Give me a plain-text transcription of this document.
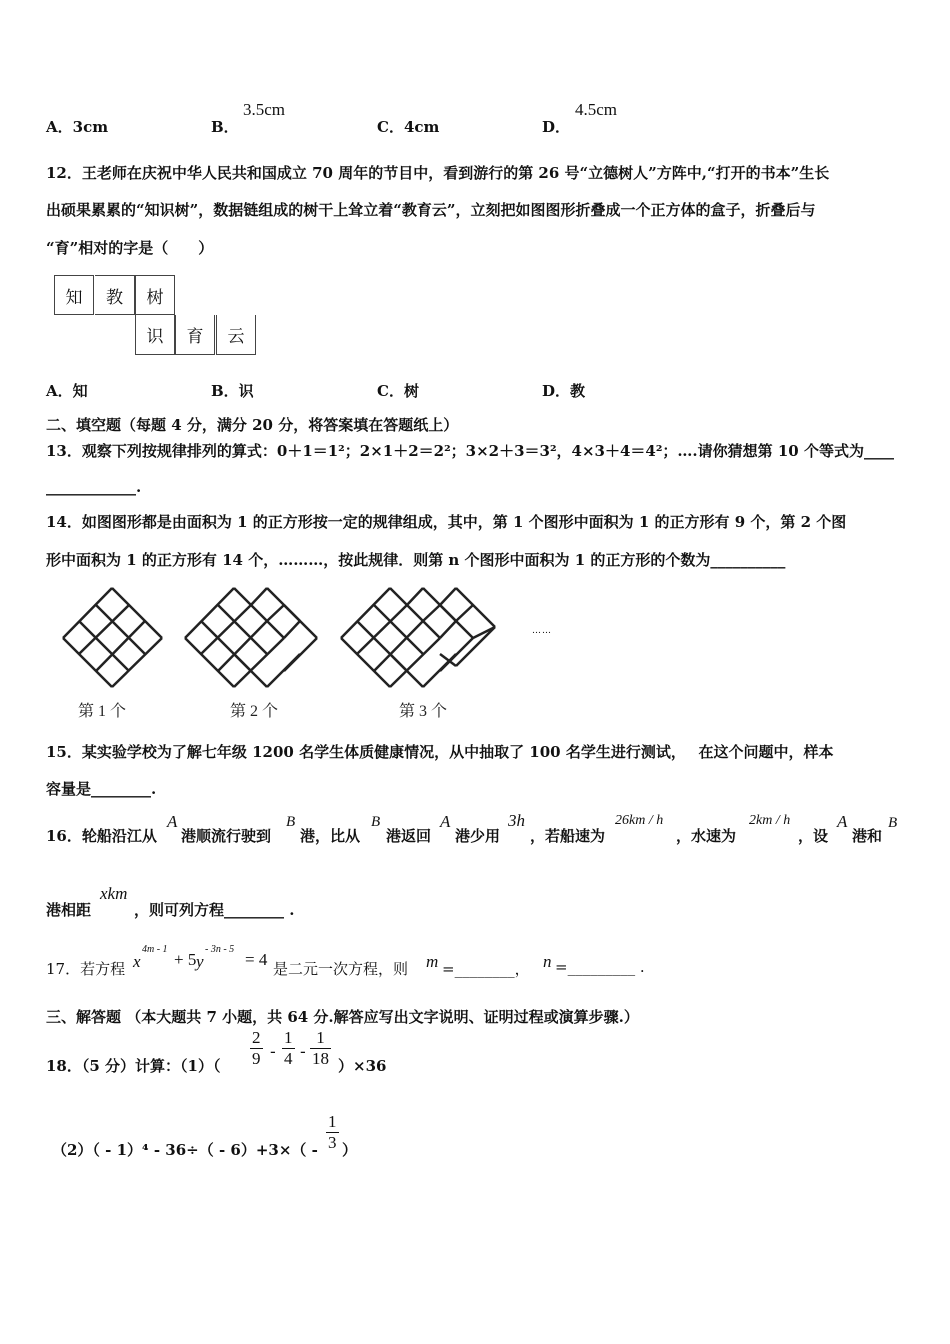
A．3cm	B．
3.5cm
C．4cm	D．
4.5cm
12．王老师在庆祝中华人民共和国成立 70 周年的节目中，看到游行的第 26 号“立德树人”方阵中,“打开的书本”生长
出硕果累累的“知识树”，数据链组成的树干上耸立着“教育云”，立刻把如图图形折叠成一个正方体的盒子，折叠后与
“育”相对的字是（　　）
知	教	树
识	育	云
A．知	B．识	C．树	D．教
二、填空题（每题 4 分，满分 20 分，将答案填在答题纸上）
13．观察下列按规律排列的算式：0＋1＝1²；2×1＋2＝2²；3×2＋3＝3²，4×3＋4＝4²；….请你猜想第 10 个等式为____
____________.
14．如图图形都是由面积为 1 的正方形按一定的规律组成，其中，第 1 个图形中面积为 1 的正方形有 9 个，第 2 个图
形中面积为 1 的正方形有 14 个，………，按此规律．则第 n 个图形中面积为 1 的正方形的个数为__________
……
第 1 个	第 2 个	第 3 个
15．某实验学校为了解七年级 1200 名学生体质健康情况，从中抽取了 100 名学生进行测试，　 在这个问题中，样本
容量是________.
16．轮船沿江从
A
港顺流行驶到
B
港，比从
B
港返回
A
港少用
3h
，若船速为
26km / h
，水速为
2km / h
，设
A
港和
B
港相距
xkm
，则可列方程________ .
17．若方程 x
4m - 1
+ 5 y
- 3n - 5
= 4 是二元一次方程，则 m =________， n =_________ .
三、解答题 （本大题共 7 小题，共 64 分.解答应写出文字说明、证明过程或演算步骤.）
18．（5 分）计算：$(1)( \frac{2}{9} - \frac{1}{4} - \frac{1}{18} )\times 36$
$(2)( - 1)^4 - 36\div( - 6)+3\times( - \frac{1}{3}$ ）
